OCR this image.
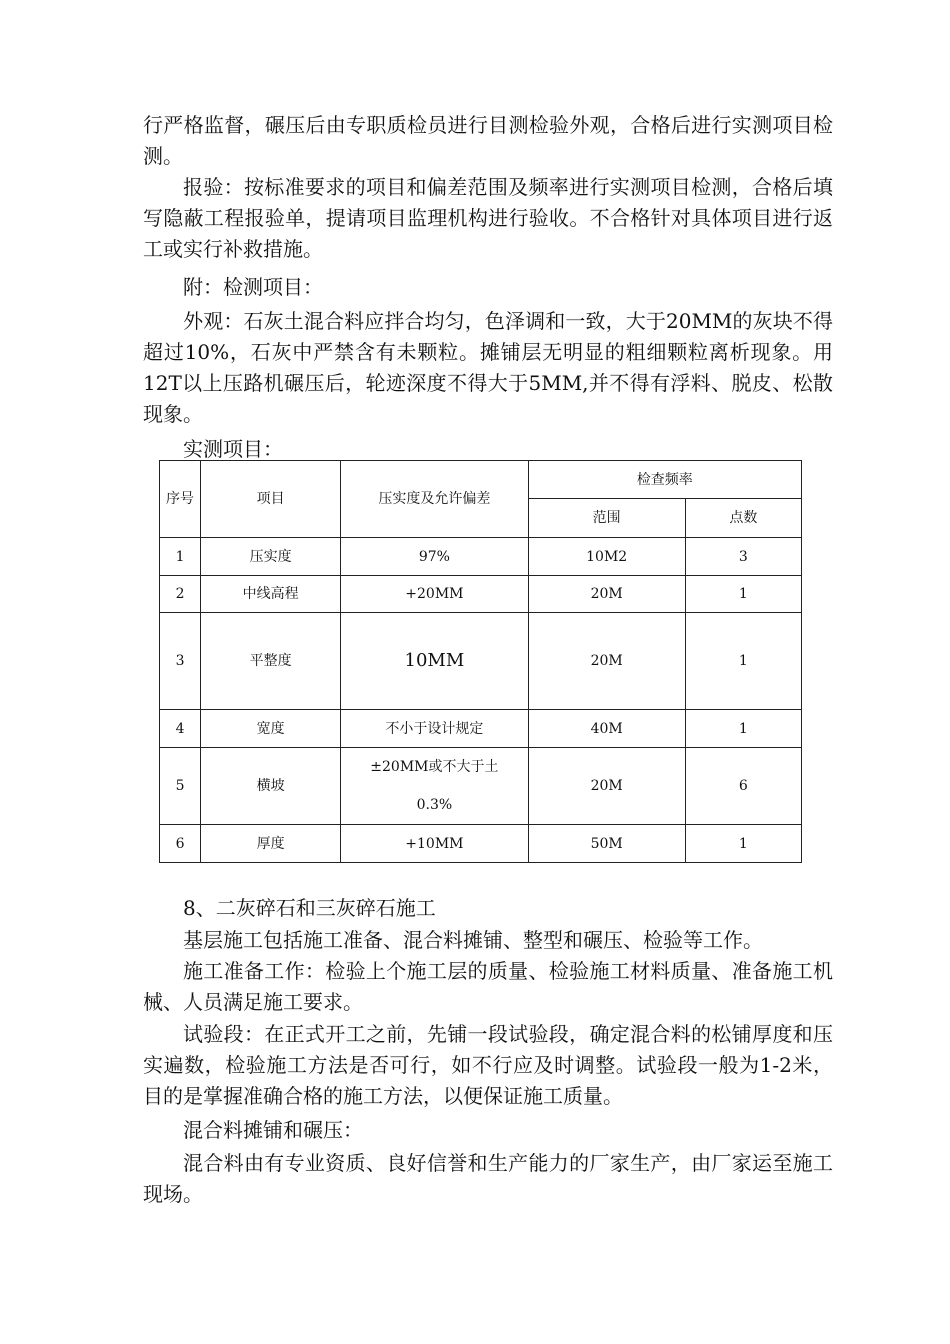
行严格监督，碾压后由专职质检员进行目测检验外观，合格后进行实测项目检测。

报验：按标准要求的项目和偏差范围及频率进行实测项目检测，合格后填写隐蔽工程报验单，提请项目监理机构进行验收。不合格针对具体项目进行返工或实行补救措施。

附：检测项目：

外观：石灰土混合料应拌合均匀，色泽调和一致，大于20MM的灰块不得超过10%，石灰中严禁含有未颗粒。摊铺层无明显的粗细颗粒离析现象。用12T以上压路机碾压后，轮迹深度不得大于5MM,并不得有浮料、脱皮、松散现象。

实测项目：

序号	项目	压实度及允许偏差	检查频率	
			范围	点数
1	压实度	97%	10M2	3
2	中线高程	+20MM	20M	1
3	平整度	10MM	20M	1
4	宽度	不小于设计规定	40M	1
5	横坡	±20MM或不大于土0.3%	20M	6
6	厚度	+10MM	50M	1

8、二灰碎石和三灰碎石施工

基层施工包括施工准备、混合料摊铺、整型和碾压、检验等工作。

施工准备工作：检验上个施工层的质量、检验施工材料质量、准备施工机械、人员满足施工要求。

试验段：在正式开工之前，先铺一段试验段，确定混合料的松铺厚度和压实遍数，检验施工方法是否可行，如不行应及时调整。试验段一般为1-2米，目的是掌握准确合格的施工方法，以便保证施工质量。

混合料摊铺和碾压：

混合料由有专业资质、良好信誉和生产能力的厂家生产，由厂家运至施工现场。
